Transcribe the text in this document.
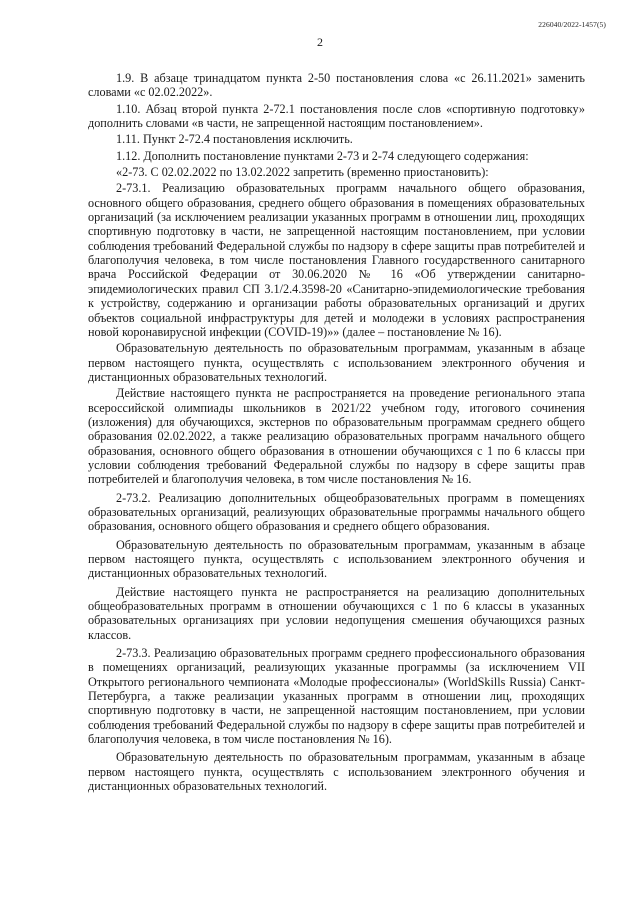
226040/2022-1457(5)
2

1.9. В абзаце тринадцатом пункта 2-50 постановления слова «с 26.11.2021» заменить словами «с 02.02.2022».

1.10. Абзац второй пункта 2-72.1 постановления после слов «спортивную подготовку» дополнить словами «в части, не запрещенной настоящим постановлением».

1.11. Пункт 2-72.4 постановления исключить.

1.12. Дополнить постановление пунктами 2-73 и 2-74 следующего содержания:

«2-73. С 02.02.2022 по 13.02.2022 запретить (временно приостановить):

2-73.1. Реализацию образовательных программ начального общего образования, основного общего образования, среднего общего образования в помещениях образовательных организаций (за исключением реализации указанных программ в отношении лиц, проходящих спортивную подготовку в части, не запрещенной настоящим постановлением, при условии соблюдения требований Федеральной службы по надзору в сфере защиты прав потребителей и благополучия человека, в том числе постановления Главного государственного санитарного врача Российской Федерации от 30.06.2020 № 16 «Об утверждении санитарно-эпидемиологических правил СП 3.1/2.4.3598-20 «Санитарно-эпидемиологические требования к устройству, содержанию и организации работы образовательных организаций и других объектов социальной инфраструктуры для детей и молодежи в условиях распространения новой коронавирусной инфекции (COVID-19)»» (далее – постановление № 16).

Образовательную деятельность по образовательным программам, указанным в абзаце первом настоящего пункта, осуществлять с использованием электронного обучения и дистанционных образовательных технологий.

Действие настоящего пункта не распространяется на проведение регионального этапа всероссийской олимпиады школьников в 2021/22 учебном году, итогового сочинения (изложения) для обучающихся, экстернов по образовательным программам среднего общего образования 02.02.2022, а также реализацию образовательных программ начального общего образования, основного общего образования в отношении обучающихся с 1 по 6 классы при условии соблюдения требований Федеральной службы по надзору в сфере защиты прав потребителей и благополучия человека, в том числе постановления № 16.

2-73.2. Реализацию дополнительных общеобразовательных программ в помещениях образовательных организаций, реализующих образовательные программы начального общего образования, основного общего образования и среднего общего образования.

Образовательную деятельность по образовательным программам, указанным в абзаце первом настоящего пункта, осуществлять с использованием электронного обучения и дистанционных образовательных технологий.

Действие настоящего пункта не распространяется на реализацию дополнительных общеобразовательных программ в отношении обучающихся с 1 по 6 классы в указанных образовательных организациях при условии недопущения смешения обучающихся разных классов.

2-73.3. Реализацию образовательных программ среднего профессионального образования в помещениях организаций, реализующих указанные программы (за исключением VII Открытого регионального чемпионата «Молодые профессионалы» (WorldSkills Russia) Санкт-Петербурга, а также реализации указанных программ в отношении лиц, проходящих спортивную подготовку в части, не запрещенной настоящим постановлением, при условии соблюдения требований Федеральной службы по надзору в сфере защиты прав потребителей и благополучия человека, в том числе постановления № 16).

Образовательную деятельность по образовательным программам, указанным в абзаце первом настоящего пункта, осуществлять с использованием электронного обучения и дистанционных образовательных технологий.
